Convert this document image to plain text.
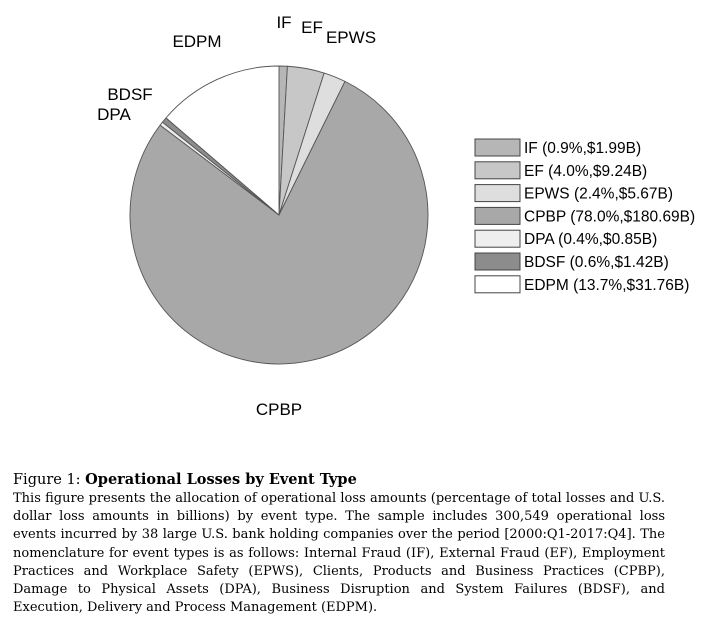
IF EF
EPWS
CPBP
DPA
BDSF
EDPM
IF (0.9%,$1.99B)
EF (4.0%,$9.24B)
EPWS (2.4%,$5.67B)
CPBP (78.0%,$180.69B)
DPA (0.4%,$0.85B)
BDSF (0.6%,$1.42B)
EDPM (13.7%,$31.76B)

Figure 1: Operational Losses by Event Type

This figure presents the allocation of operational loss amounts (percentage of total losses and U.S. dollar loss amounts in billions) by event type. The sample includes 300,549 operational loss events incurred by 38 large U.S. bank holding companies over the period [2000:Q1-2017:Q4]. The nomenclature for event types is as follows: Internal Fraud (IF), External Fraud (EF), Employment Practices and Workplace Safety (EPWS), Clients, Products and Business Practices (CPBP), Damage to Physical Assets (DPA), Business Disruption and System Failures (BDSF), and Execution, Delivery and Process Management (EDPM).
